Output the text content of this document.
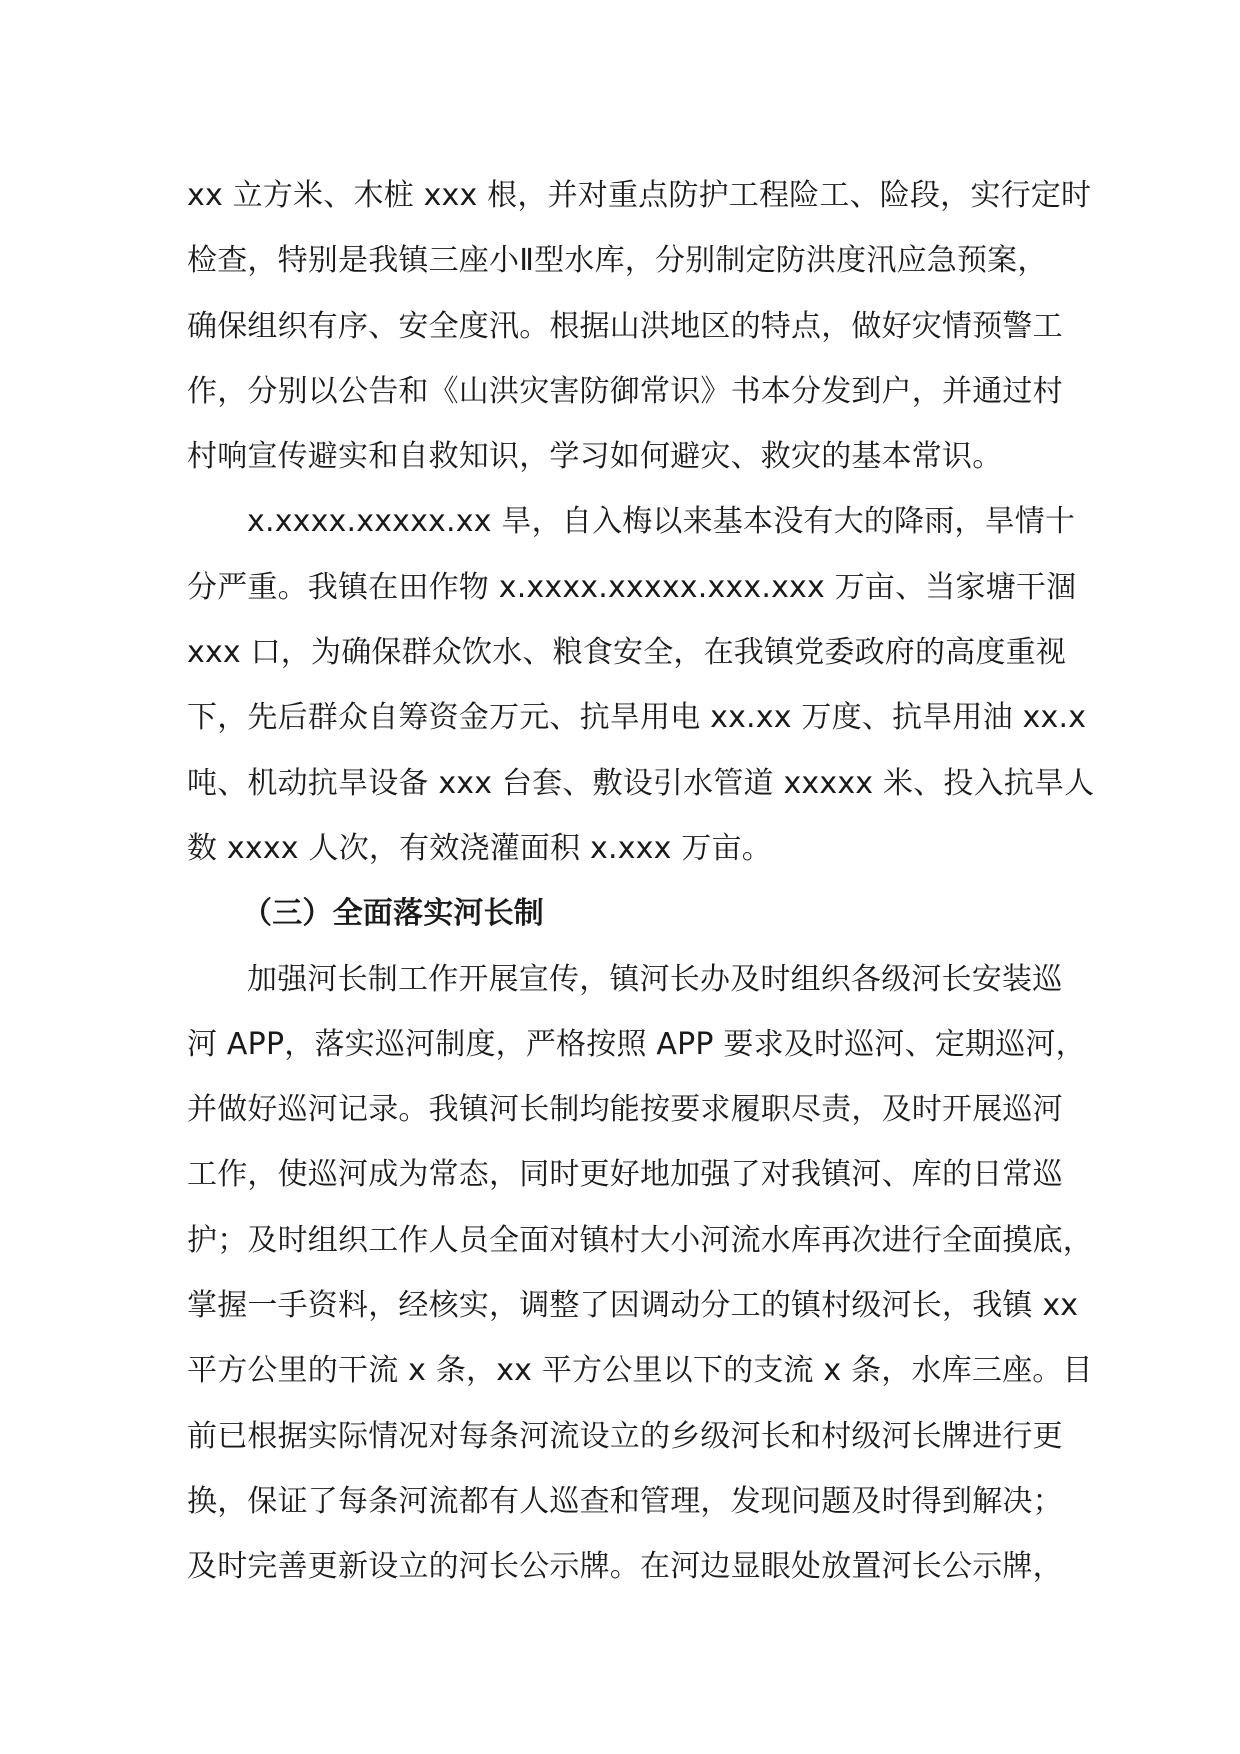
xx 立方米、木桩 xxx 根，并对重点防护工程险工、险段，实行定时
检查，特别是我镇三座小Ⅱ型水库，分别制定防洪度汛应急预案，
确保组织有序、安全度汛。根据山洪地区的特点，做好灾情预警工
作，分别以公告和《山洪灾害防御常识》书本分发到户，并通过村
村响宣传避实和自救知识，学习如何避灾、救灾的基本常识。
x.xxxx.xxxxx.xx 旱，自入梅以来基本没有大的降雨，旱情十
分严重。我镇在田作物 x.xxxx.xxxxx.xxx.xxx 万亩、当家塘干涸
xxx 口，为确保群众饮水、粮食安全，在我镇党委政府的高度重视
下，先后群众自筹资金万元、抗旱用电 xx.xx 万度、抗旱用油 xx.x
吨、机动抗旱设备 xxx 台套、敷设引水管道 xxxxx 米、投入抗旱人
数 xxxx 人次，有效浇灌面积 x.xxx 万亩。
（三）全面落实河长制
加强河长制工作开展宣传，镇河长办及时组织各级河长安装巡
河 APP，落实巡河制度，严格按照 APP 要求及时巡河、定期巡河，
并做好巡河记录。我镇河长制均能按要求履职尽责，及时开展巡河
工作，使巡河成为常态，同时更好地加强了对我镇河、库的日常巡
护；及时组织工作人员全面对镇村大小河流水库再次进行全面摸底，
掌握一手资料，经核实，调整了因调动分工的镇村级河长，我镇 xx
平方公里的干流 x 条，xx 平方公里以下的支流 x 条，水库三座。目
前已根据实际情况对每条河流设立的乡级河长和村级河长牌进行更
换，保证了每条河流都有人巡查和管理，发现问题及时得到解决；
及时完善更新设立的河长公示牌。在河边显眼处放置河长公示牌，
